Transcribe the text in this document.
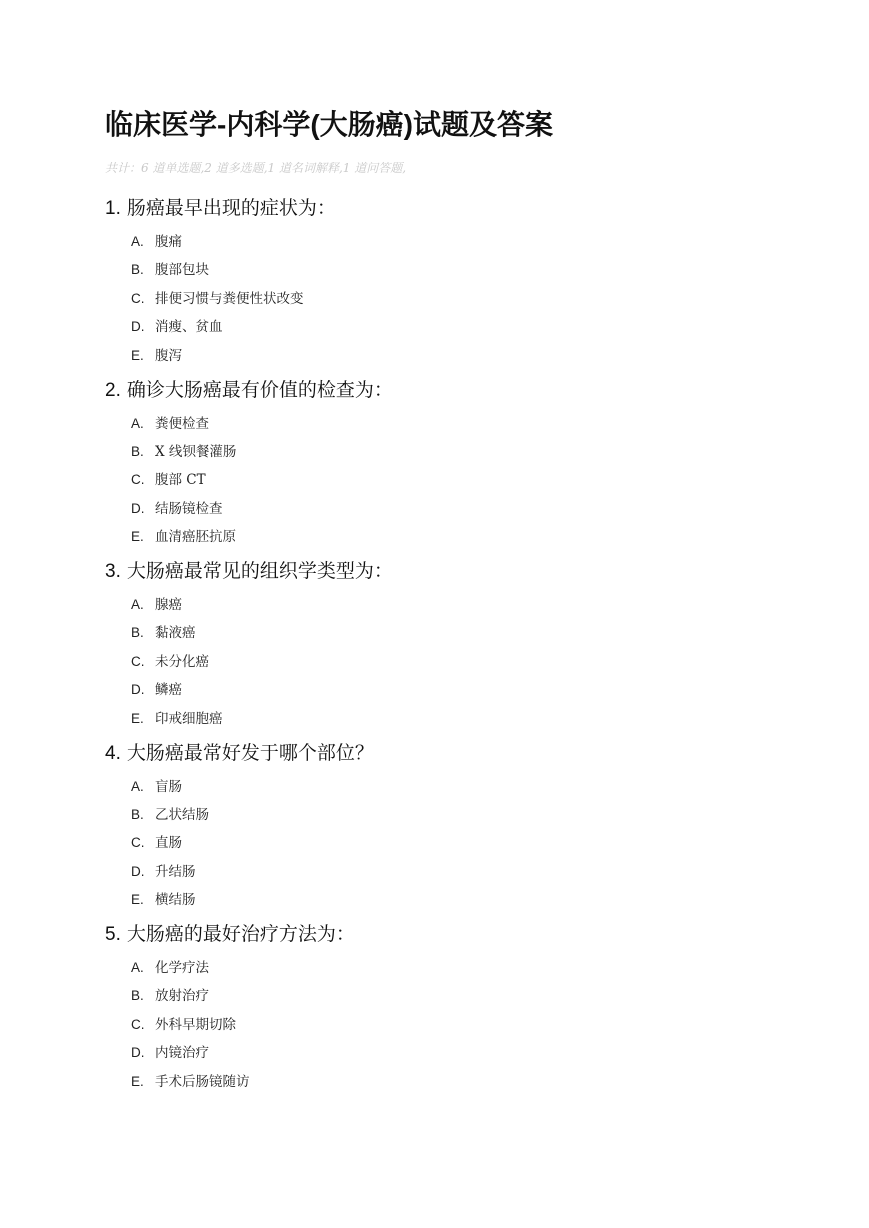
临床医学-内科学(大肠癌)试题及答案

共计：6 道单选题,2 道多选题,1 道名词解释,1 道问答题,

1. 肠癌最早出现的症状为：
A. 腹痛
B. 腹部包块
C. 排便习惯与粪便性状改变
D. 消瘦、贫血
E. 腹泻
2. 确诊大肠癌最有价值的检查为：
A. 粪便检查
B. X 线钡餐灌肠
C. 腹部 CT
D. 结肠镜检查
E. 血清癌胚抗原
3. 大肠癌最常见的组织学类型为：
A. 腺癌
B. 黏液癌
C. 未分化癌
D. 鳞癌
E. 印戒细胞癌
4. 大肠癌最常好发于哪个部位？
A. 盲肠
B. 乙状结肠
C. 直肠
D. 升结肠
E. 横结肠
5. 大肠癌的最好治疗方法为：
A. 化学疗法
B. 放射治疗
C. 外科早期切除
D. 内镜治疗
E. 手术后肠镜随访
